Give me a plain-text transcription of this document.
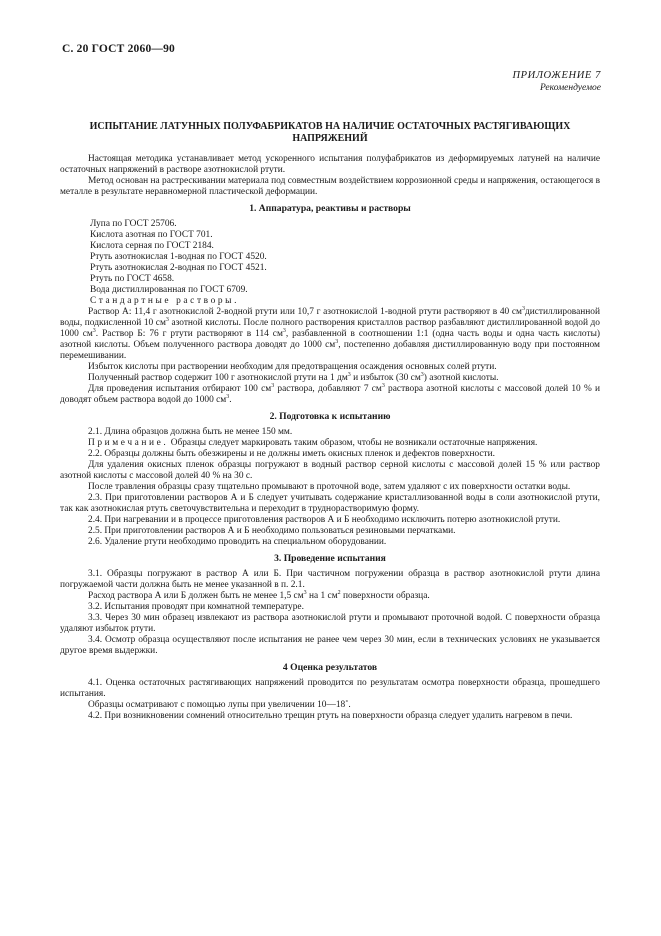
С. 20 ГОСТ 2060—90
ПРИЛОЖЕНИЕ 7
Рекомендуемое
ИСПЫТАНИЕ ЛАТУННЫХ ПОЛУФАБРИКАТОВ НА НАЛИЧИЕ ОСТАТОЧНЫХ РАСТЯГИВАЮЩИХ НАПРЯЖЕНИЙ

Настоящая методика устанавливает метод ускоренного испытания полуфабрикатов из деформируемых латуней на наличие остаточных напряжений в растворе азотнокислой ртути.

Метод основан на растрескивании материала под совместным воздействием коррозионной среды и напряжения, остающегося в металле в результате неравномерной пластической деформации.

1. Аппаратура, реактивы и растворы

Лупа по ГОСТ 25706.

Кислота азотная по ГОСТ 701.

Кислота серная по ГОСТ 2184.

Ртуть азотнокислая 1-водная по ГОСТ 4520.

Ртуть азотнокислая 2-водная по ГОСТ 4521.

Ртуть по ГОСТ 4658.

Вода дистиллированная по ГОСТ 6709.

Стандартные растворы.

Раствор А: 11,4 г азотнокислой 2-водной ртути или 10,7 г азотнокислой 1-водной ртути растворяют в 40 $см^3дистиллированной$ воды, подкисленной 10 $см^3$ азотной кислоты. После полного растворения кристаллов раствор разбавляют дистиллированной водой до 1000 $см^3$. Раствор Б: 76 г ртути растворяют в 114 $см^3$, разбавленной в соотношении 1:1 (одна часть воды и одна часть кислоты) азотной кислоты. Объем полученного раствора доводят до 1000 $см^3$, постепенно добавляя дистиллированную воду при постоянном перемешивании.

Избыток кислоты при растворении необходим для предотвращения осаждения основных солей ртути.

Полученный раствор содержит 100 г азотнокислой ртути на 1 $дм^3$ и избыток (30 $см^3$) азотной кислоты.

Для проведения испытания отбирают 100 $см^3$ раствора, добавляют 7 $см^3$ раствора азотной кислоты с массовой долей 10 % и доводят объем раствора водой до 1000 $см^3$.

2. Подготовка к испытанию

2.1. Длина образцов должна быть не менее 150 мм.

Примечание. Образцы следует маркировать таким образом, чтобы не возникали остаточные напряжения.

2.2. Образцы должны быть обезжирены и не должны иметь окисных пленок и дефектов поверхности.

Для удаления окисных пленок образцы погружают в водный раствор серной кислоты с массовой долей 15 % или раствор азотной кислоты с массовой долей 40 % на 30 с.

После травления образцы сразу тщательно промывают в проточной воде, затем удаляют с их поверхности остатки воды.

2.3. При приготовлении растворов А и Б следует учитывать содержание кристаллизованной воды в соли азотнокислой ртути, так как азотнокислая ртуть светочувствительна и переходит в труднорастворимую форму.

2.4. При нагревании и в процессе приготовления растворов А и Б необходимо исключить потерю азотнокислой ртути.

2.5. При приготовлении растворов А и Б необходимо пользоваться резиновыми перчатками.

2.6. Удаление ртути необходимо проводить на специальном оборудовании.

3. Проведение испытания

3.1. Образцы погружают в раствор А или Б. При частичном погружении образца в раствор азотнокислой ртути длина погружаемой части должна быть не менее указанной в п. 2.1.

Расход раствора А или Б должен быть не менее 1,5 $см^3$ на 1 $см^2$ поверхности образца.

3.2. Испытания проводят при комнатной температуре.

3.3. Через 30 мин образец извлекают из раствора азотнокислой ртути и промывают проточной водой. С поверхности образца удаляют избыток ртути.

3.4. Осмотр образца осуществляют после испытания не ранее чем через 30 мин, если в технических условиях не указывается другое время выдержки.

4 Оценка результатов

4.1. Оценка остаточных растягивающих напряжений проводится по результатам осмотра поверхности образца, прошедшего испытания.

Образцы осматривают с помощью лупы при увеличении 10—18˚.

4.2. При возникновении сомнений относительно трещин ртуть на поверхности образца следует удалить нагревом в печи.
